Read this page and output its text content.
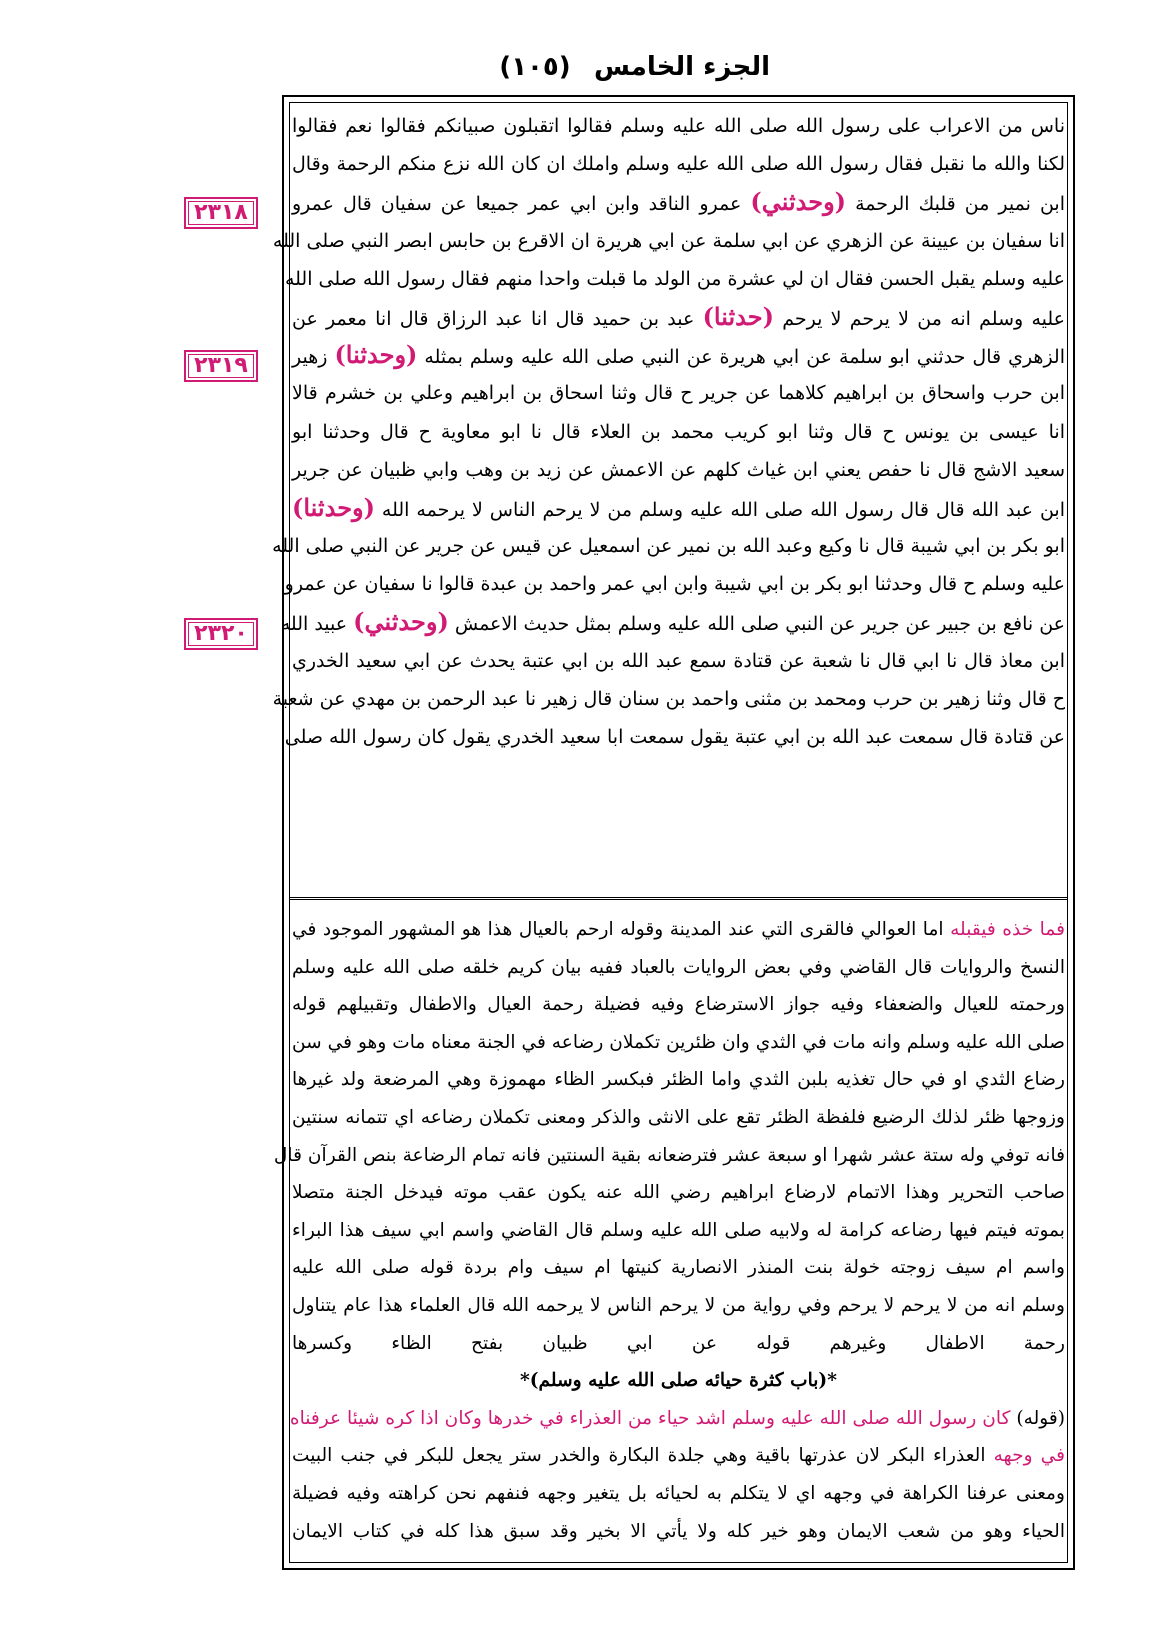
الجزء الخامس
(١٠٥)
٢٣١٨
٢٣١٩
٢٣٢٠
ناس من الاعراب على رسول الله صلى الله عليه وسلم فقالوا اتقبلون صبيانكم فقالوا نعم فقالوا
لكنا والله ما نقبل فقال رسول الله صلى الله عليه وسلم واملك ان كان الله نزع منكم الرحمة وقال
ابن نمير من قلبك الرحمة (وحدثني) عمرو الناقد وابن ابي عمر جميعا عن سفيان قال عمرو
انا سفيان بن عيينة عن الزهري عن ابي سلمة عن ابي هريرة ان الاقرع بن حابس ابصر النبي صلى الله
عليه وسلم يقبل الحسن فقال ان لي عشرة من الولد ما قبلت واحدا منهم فقال رسول الله صلى الله
عليه وسلم انه من لا يرحم لا يرحم (حدثنا) عبد بن حميد قال انا عبد الرزاق قال انا معمر عن
الزهري قال حدثني ابو سلمة عن ابي هريرة عن النبي صلى الله عليه وسلم بمثله (وحدثنا) زهير
ابن حرب واسحاق بن ابراهيم كلاهما عن جرير ح قال وثنا اسحاق بن ابراهيم وعلي بن خشرم قالا
انا عيسى بن يونس ح قال وثنا ابو كريب محمد بن العلاء قال نا ابو معاوية ح قال وحدثنا ابو
سعيد الاشج قال نا حفص يعني ابن غياث كلهم عن الاعمش عن زيد بن وهب وابي ظبيان عن جرير
ابن عبد الله قال قال رسول الله صلى الله عليه وسلم من لا يرحم الناس لا يرحمه الله (وحدثنا)
ابو بكر بن ابي شيبة قال نا وكيع وعبد الله بن نمير عن اسمعيل عن قيس عن جرير عن النبي صلى الله
عليه وسلم ح قال وحدثنا ابو بكر بن ابي شيبة وابن ابي عمر واحمد بن عبدة قالوا نا سفيان عن عمرو
عن نافع بن جبير عن جرير عن النبي صلى الله عليه وسلم بمثل حديث الاعمش (وحدثني) عبيد الله
ابن معاذ قال نا ابي قال نا شعبة عن قتادة سمع عبد الله بن ابي عتبة يحدث عن ابي سعيد الخدري
ح قال وثنا زهير بن حرب ومحمد بن مثنى واحمد بن سنان قال زهير نا عبد الرحمن بن مهدي عن شعبة
عن قتادة قال سمعت عبد الله بن ابي عتبة يقول سمعت ابا سعيد الخدري يقول كان رسول الله صلى
فما خذه فيقبله اما العوالي فالقرى التي عند المدينة وقوله ارحم بالعيال هذا هو المشهور الموجود في
النسخ والروايات قال القاضي وفي بعض الروايات بالعباد ففيه بيان كريم خلقه صلى الله عليه وسلم
ورحمته للعيال والضعفاء وفيه جواز الاسترضاع وفيه فضيلة رحمة العيال والاطفال وتقبيلهم قوله
صلى الله عليه وسلم وانه مات في الثدي وان ظئرين تكملان رضاعه في الجنة معناه مات وهو في سن
رضاع الثدي او في حال تغذيه بلبن الثدي واما الظئر فبكسر الظاء مهموزة وهي المرضعة ولد غيرها
وزوجها ظئر لذلك الرضيع فلفظة الظئر تقع على الانثى والذكر ومعنى تكملان رضاعه اي تتمانه سنتين
فانه توفي وله ستة عشر شهرا او سبعة عشر فترضعانه بقية السنتين فانه تمام الرضاعة بنص القرآن قال
صاحب التحرير وهذا الاتمام لارضاع ابراهيم رضي الله عنه يكون عقب موته فيدخل الجنة متصلا
بموته فيتم فيها رضاعه كرامة له ولابيه صلى الله عليه وسلم قال القاضي واسم ابي سيف هذا البراء
واسم ام سيف زوجته خولة بنت المنذر الانصارية كنيتها ام سيف وام بردة قوله صلى الله عليه
وسلم انه من لا يرحم لا يرحم وفي رواية من لا يرحم الناس لا يرحمه الله قال العلماء هذا عام يتناول
رحمة الاطفال وغيرهم قوله عن ابي ظبيان بفتح الظاء وكسرها
*(باب كثرة حيائه صلى الله عليه وسلم)*
(قوله) كان رسول الله صلى الله عليه وسلم اشد حياء من العذراء في خدرها وكان اذا كره شيئا عرفناه
في وجهه العذراء البكر لان عذرتها باقية وهي جلدة البكارة والخدر ستر يجعل للبكر في جنب البيت
ومعنى عرفنا الكراهة في وجهه اي لا يتكلم به لحيائه بل يتغير وجهه فنفهم نحن كراهته وفيه فضيلة
الحياء وهو من شعب الايمان وهو خير كله ولا يأتي الا بخير وقد سبق هذا كله في كتاب الايمان
